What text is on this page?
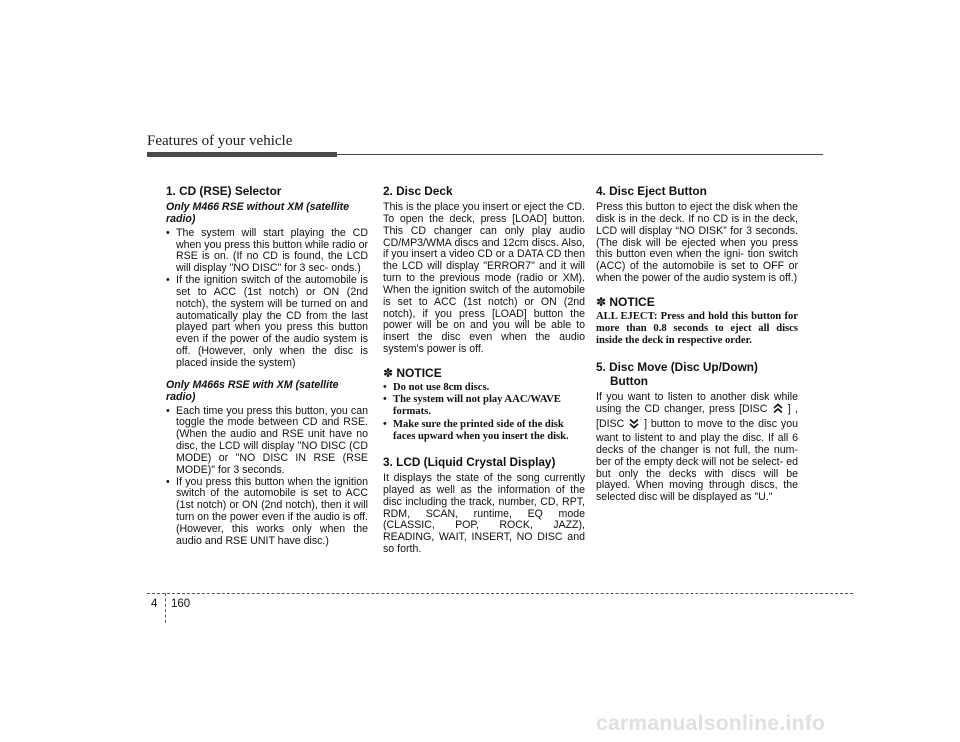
Features of your vehicle
1. CD (RSE) Selector
Only M466 RSE without XM (satellite radio)
• The system will start playing the CD when you press this button while radio or RSE is on. (If no CD is found, the LCD will display "NO DISC" for 3 sec- onds.)
• If the ignition switch of the automobile is set to ACC (1st notch) or ON (2nd notch), the system will be turned on and automatically play the CD from the last played part when you press this button even if the power of the audio system is off. (However, only when the disc is placed inside the system)
Only M466s RSE with XM (satellite radio)
• Each time you press this button, you can toggle the mode between CD and RSE. (When the audio and RSE unit have no disc, the LCD will display "NO DISC (CD MODE) or "NO DISC IN RSE (RSE MODE)" for 3 seconds.
• If you press this button when the ignition switch of the automobile is set to ACC (1st notch) or ON (2nd notch), then it will turn on the power even if the audio is off. (However, this works only when the audio and RSE UNIT have disc.)
2. Disc Deck
This is the place you insert or eject the CD. To open the deck, press [LOAD] button. This CD changer can only play audio CD/MP3/WMA discs and 12cm discs. Also, if you insert a video CD or a DATA CD then the LCD will display "ERROR7" and it will turn to the previous mode (radio or XM). When the ignition switch of the automobile is set to ACC (1st notch) or ON (2nd notch), if you press [LOAD] button the power will be on and you will be able to insert the disc even when the audio system's power is off.
✽ NOTICE
• Do not use 8cm discs.
• The system will not play AAC/WAVE formats.
• Make sure the printed side of the disk faces upward when you insert the disk.
3. LCD (Liquid Crystal Display)
It displays the state of the song currently played as well as the information of the disc including the track, number, CD, RPT, RDM, SCAN, runtime, EQ mode (CLASSIC, POP, ROCK, JAZZ), READING, WAIT, INSERT, NO DISC and so forth.
4. Disc Eject Button
Press this button to eject the disk when the disk is in the deck. If no CD is in the deck, LCD will display “NO DISK” for 3 seconds. (The disk will be ejected when you press this button even when the igni- tion switch (ACC) of the automobile is set to OFF or when the power of the audio system is off.)
✽ NOTICE
ALL EJECT: Press and hold this button for more than 0.8 seconds to eject all discs inside the deck in respective order.
5. Disc Move (Disc Up/Down) Button
If you want to listen to another disk while using the CD changer, press [DISC ] , [DISC ] button to move to the disc you want to listent to and play the disc. If all 6 decks of the changer is not full, the num- ber of the empty deck will not be select- ed but only the decks with discs will be played. When moving through discs, the selected disc will be displayed as "U."
4 160
carmanualsonline.info
